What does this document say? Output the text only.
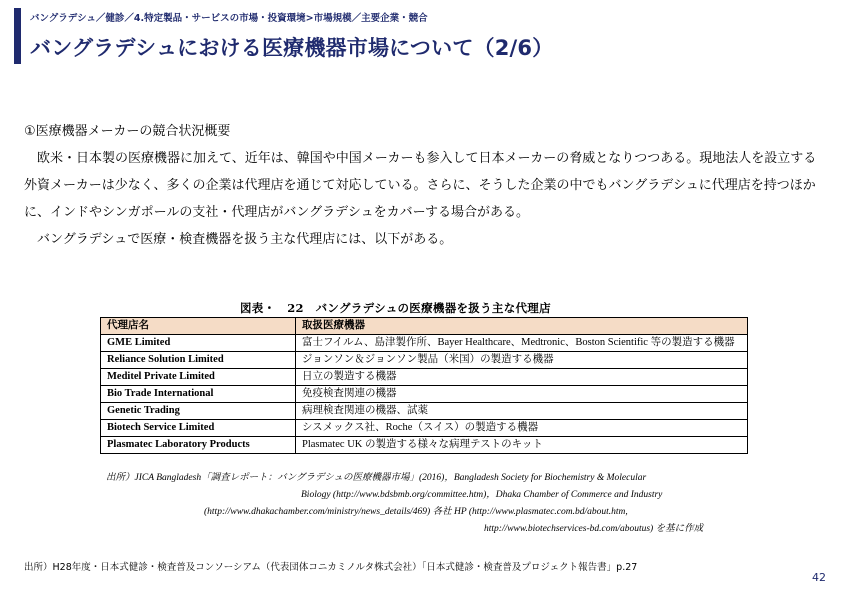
バングラデシュ／健診／4.特定製品・サービスの市場・投資環境>市場規模／主要企業・競合
バングラデシュにおける医療機器市場について（2/6）

①医療機器メーカーの競合状況概要

欧米・日本製の医療機器に加えて、近年は、韓国や中国メーカーも参入して日本メーカーの脅威となりつつある。現地法人を設立する外資メーカーは少なく、多くの企業は代理店を通じて対応している。さらに、そうした企業の中でもバングラデシュに代理店を持つほかに、インドやシンガポールの支社・代理店がバングラデシュをカバーする場合がある。

バングラデシュで医療・検査機器を扱う主な代理店には、以下がある。

図表・　22　バングラデシュの医療機器を扱う主な代理店
代理店名	取扱医療機器
GME Limited	富士フイルム、島津製作所、Bayer Healthcare、Medtronic、Boston Scientific 等の製造する機器
Reliance Solution Limited	ジョンソン＆ジョンソン製品（米国）の製造する機器
Meditel Private Limited	日立の製造する機器
Bio Trade International	免疫検査関連の機器
Genetic Trading	病理検査関連の機器、試薬
Biotech Service Limited	シスメックス社、Roche（スイス）の製造する機器
Plasmatec Laboratory Products	Plasmatec UK の製造する様々な病理テストのキット
出所）JICA Bangladesh「調査レポート：バングラデシュの医療機器市場」(2016)，Bangladesh Society for Biochemistry & Molecular
Biology (http://www.bdsbmb.org/committee.htm)，Dhaka Chamber of Commerce and Industry
(http://www.dhakachamber.com/ministry/news_details/469) 各社 HP (http://www.plasmatec.com.bd/about.htm,
http://www.biotechservices-bd.com/aboutus) を基に作成
出所）H28年度・日本式健診・検査普及コンソーシアム（代表団体コニカミノルタ株式会社）「日本式健診・検査普及プロジェクト報告書」p.27
42
